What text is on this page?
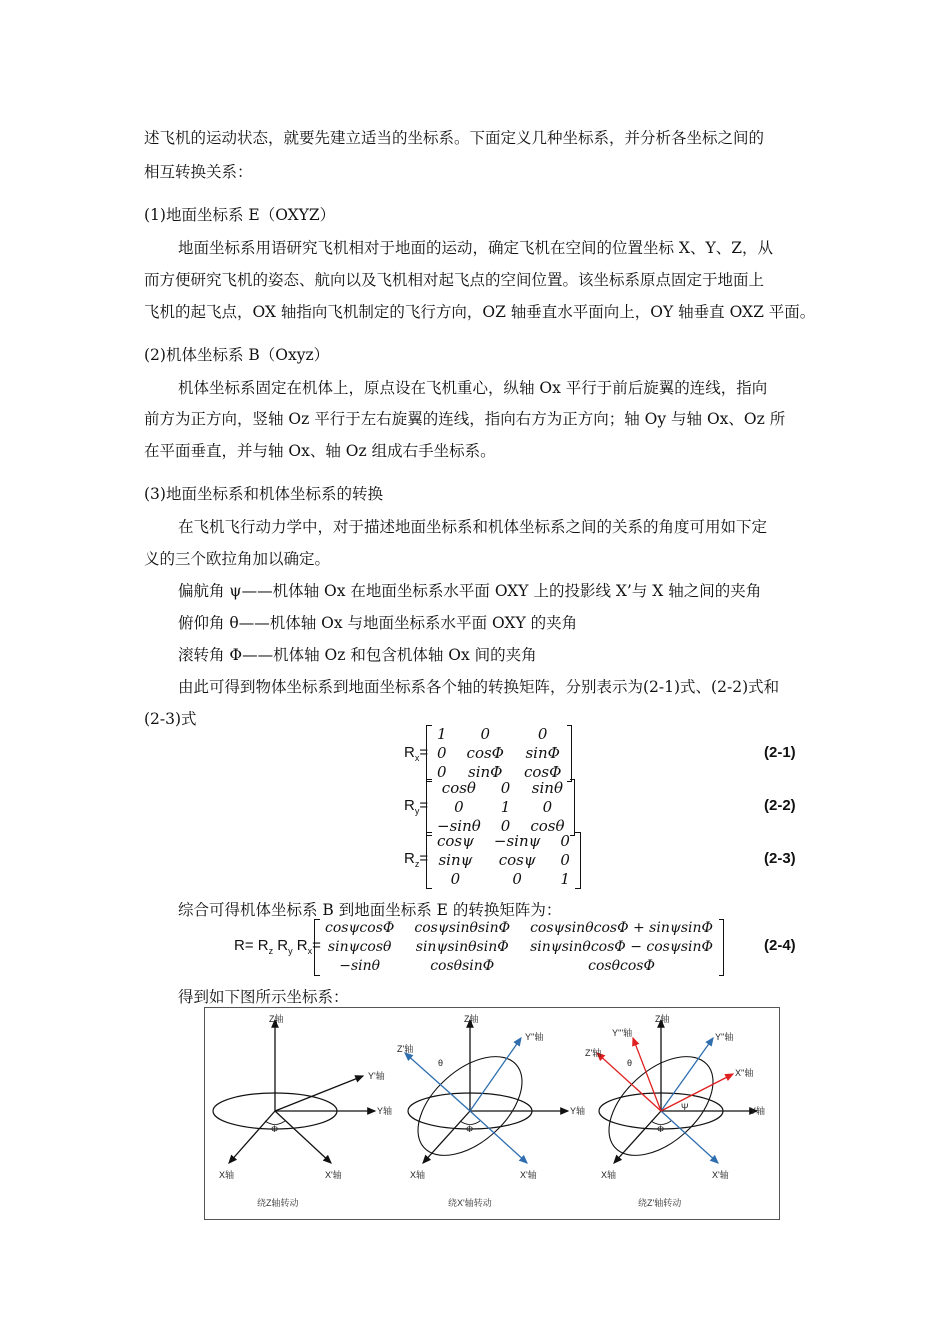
述飞机的运动状态，就要先建立适当的坐标系。下面定义几种坐标系，并分析各坐标之间的
相互转换关系：
(1)地面坐标系 E（OXYZ）
地面坐标系用语研究飞机相对于地面的运动，确定飞机在空间的位置坐标 X、Y、Z，从
而方便研究飞机的姿态、航向以及飞机相对起飞点的空间位置。该坐标系原点固定于地面上
飞机的起飞点，OX 轴指向飞机制定的飞行方向，OZ 轴垂直水平面向上，OY 轴垂直 OXZ 平面。
(2)机体坐标系 B（Oxyz）
机体坐标系固定在机体上，原点设在飞机重心，纵轴 Ox 平行于前后旋翼的连线，指向
前方为正方向，竖轴 Oz 平行于左右旋翼的连线，指向右方为正方向；轴 Oy 与轴 Ox、Oz 所
在平面垂直，并与轴 Ox、轴 Oz 组成右手坐标系。
(3)地面坐标系和机体坐标系的转换
在飞机飞行动力学中，对于描述地面坐标系和机体坐标系之间的关系的角度可用如下定
义的三个欧拉角加以确定。
偏航角 ψ——机体轴 Ox 在地面坐标系水平面 OXY 上的投影线 X’与 X 轴之间的夹角
俯仰角 θ——机体轴 Ox 与地面坐标系水平面 OXY 的夹角
滚转角 Φ——机体轴 Oz 和包含机体轴 Ox 间的夹角
由此可得到物体坐标系到地面坐标系各个轴的转换矩阵，分别表示为(2-1)式、(2-2)式和
(2-3)式
$R_x=$
1	0	0
0	cosΦ	sinΦ
0	sinΦ	cosΦ

(2-1)
$R_y=$
cosθ	0	sinθ
0	1	0
−sinθ	0	cosθ

(2-2)
$R_z=$
cosψ	−sinψ	0
sinψ	cosψ	0
0	0	1

(2-3)
综合可得机体坐标系 B 到地面坐标系 E 的转换矩阵为：
$R= R_z$ $R_y$ $R_x=$
cosψcosΦ	cosψsinθsinΦ	cosψsinθcosΦ + sinψsinΦ
sinψcosθ	sinψsinθsinΦ	sinψsinθcosΦ − cosψsinΦ
−sinθ	cosθsinΦ	cosθcosΦ

(2-4)
得到如下图所示坐标系：
Z轴
Y轴
X轴	X'轴
Y'轴
Φ
绕Z轴转动
Z轴
Y轴
X轴	X'轴
Z'轴
Y''轴
θ
Φ
绕X'轴转动
Z轴
Y轴
X轴	X'轴
Z'轴
Y''轴
Y'''轴
X''轴
θ
Ψ
Φ
绕Z'轴转动
